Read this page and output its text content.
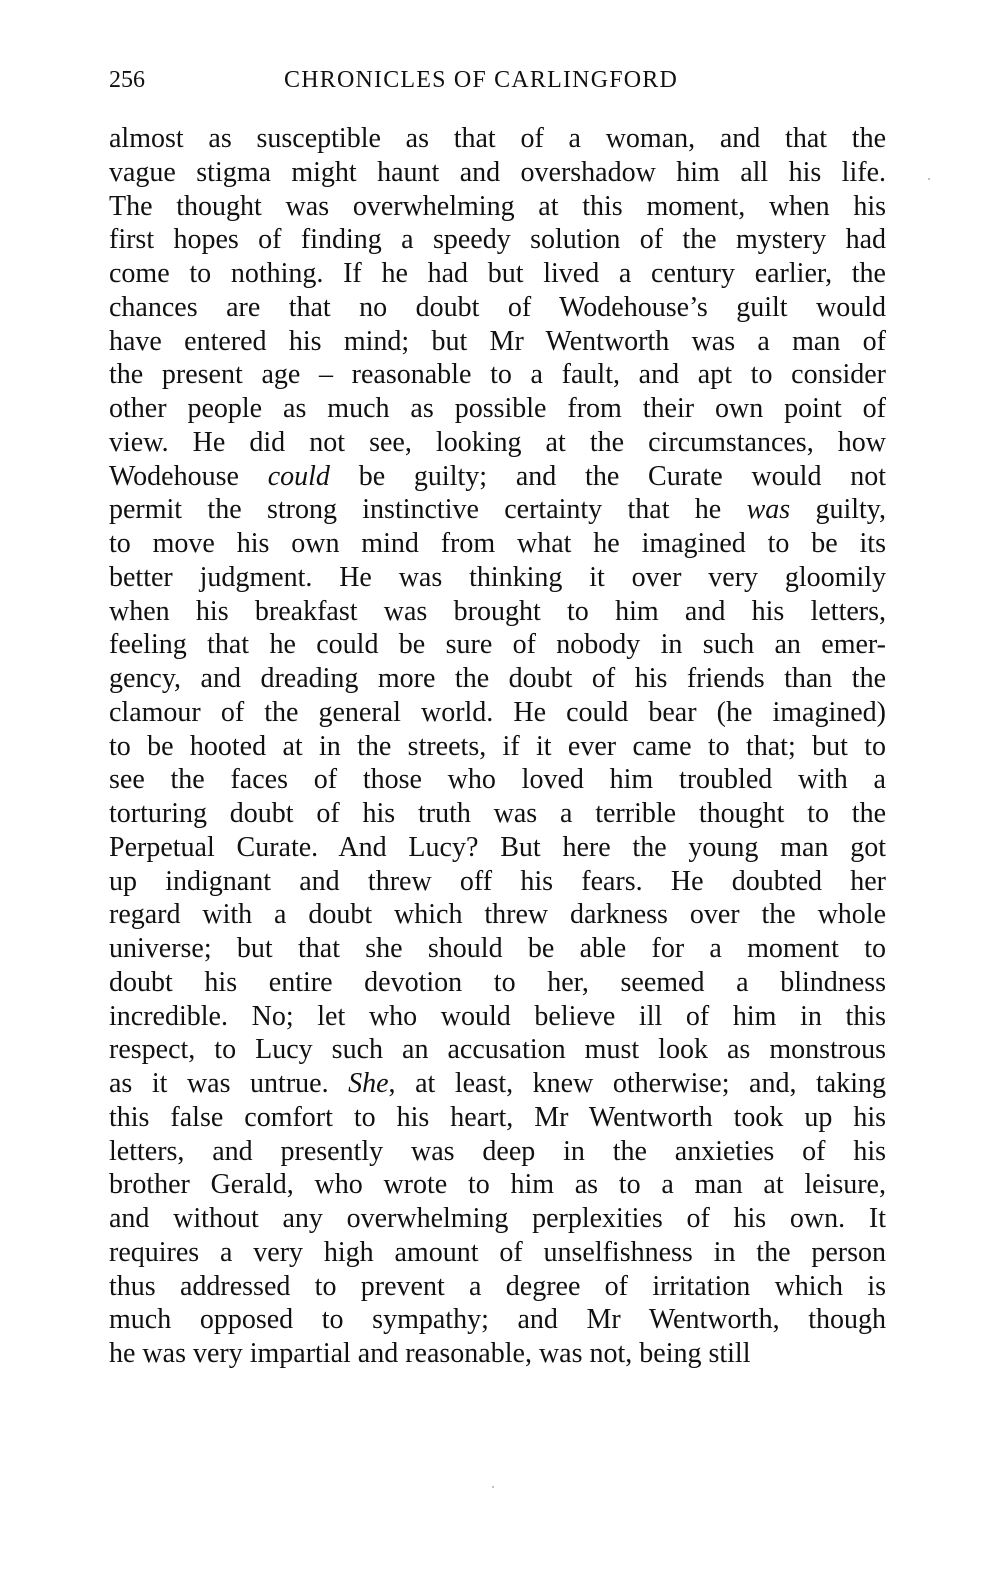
256	CHRONICLES OF CARLINGFORD
almost as susceptible as that of a woman, and that the
vague stigma might haunt and overshadow him all his life.
The thought was overwhelming at this moment, when his
first hopes of finding a speedy solution of the mystery had
come to nothing. If he had but lived a century earlier, the
chances are that no doubt of Wodehouse’s guilt would
have entered his mind; but Mr Wentworth was a man of
the present age – reasonable to a fault, and apt to consider
other people as much as possible from their own point of
view. He did not see, looking at the circumstances, how
Wodehouse could be guilty; and the Curate would not
permit the strong instinctive certainty that he was guilty,
to move his own mind from what he imagined to be its
better judgment. He was thinking it over very gloomily
when his breakfast was brought to him and his letters,
feeling that he could be sure of nobody in such an emer-
gency, and dreading more the doubt of his friends than the
clamour of the general world. He could bear (he imagined)
to be hooted at in the streets, if it ever came to that; but to
see the faces of those who loved him troubled with a
torturing doubt of his truth was a terrible thought to the
Perpetual Curate. And Lucy? But here the young man got
up indignant and threw off his fears. He doubted her
regard with a doubt which threw darkness over the whole
universe; but that she should be able for a moment to
doubt his entire devotion to her, seemed a blindness
incredible. No; let who would believe ill of him in this
respect, to Lucy such an accusation must look as monstrous
as it was untrue. She, at least, knew otherwise; and, taking
this false comfort to his heart, Mr Wentworth took up his
letters, and presently was deep in the anxieties of his
brother Gerald, who wrote to him as to a man at leisure,
and without any overwhelming perplexities of his own. It
requires a very high amount of unselfishness in the person
thus addressed to prevent a degree of irritation which is
much opposed to sympathy; and Mr Wentworth, though
he was very impartial and reasonable, was not, being still
